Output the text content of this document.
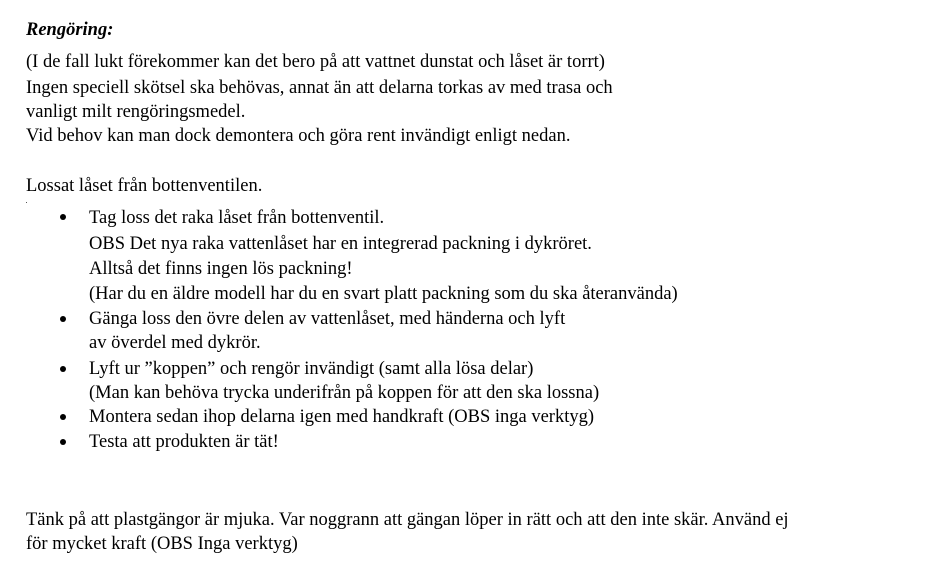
Rengöring:
(I de fall lukt förekommer kan det bero på att vattnet dunstat och låset är torrt)
Ingen speciell skötsel ska behövas, annat än att delarna torkas av med trasa och
vanligt milt rengöringsmedel.
Vid behov kan man dock demontera och göra rent invändigt enligt nedan.
Lossat låset från bottenventilen.
Tag loss det raka låset från bottenventil.
OBS Det nya raka vattenlåset har en integrerad packning i dykröret.
Alltså det finns ingen lös packning!
(Har du en äldre modell har du en svart platt packning som du ska återanvända)
Gänga loss den övre delen av vattenlåset, med händerna och lyft
av överdel med dykrör.
Lyft ur ”koppen” och rengör invändigt (samt alla lösa delar)
(Man kan behöva trycka underifrån på koppen för att den ska lossna)
Montera sedan ihop delarna igen med handkraft (OBS inga verktyg)
Testa att produkten är tät!
Tänk på att plastgängor är mjuka. Var noggrann att gängan löper in rätt och att den inte skär. Använd ej
för mycket kraft (OBS Inga verktyg)
